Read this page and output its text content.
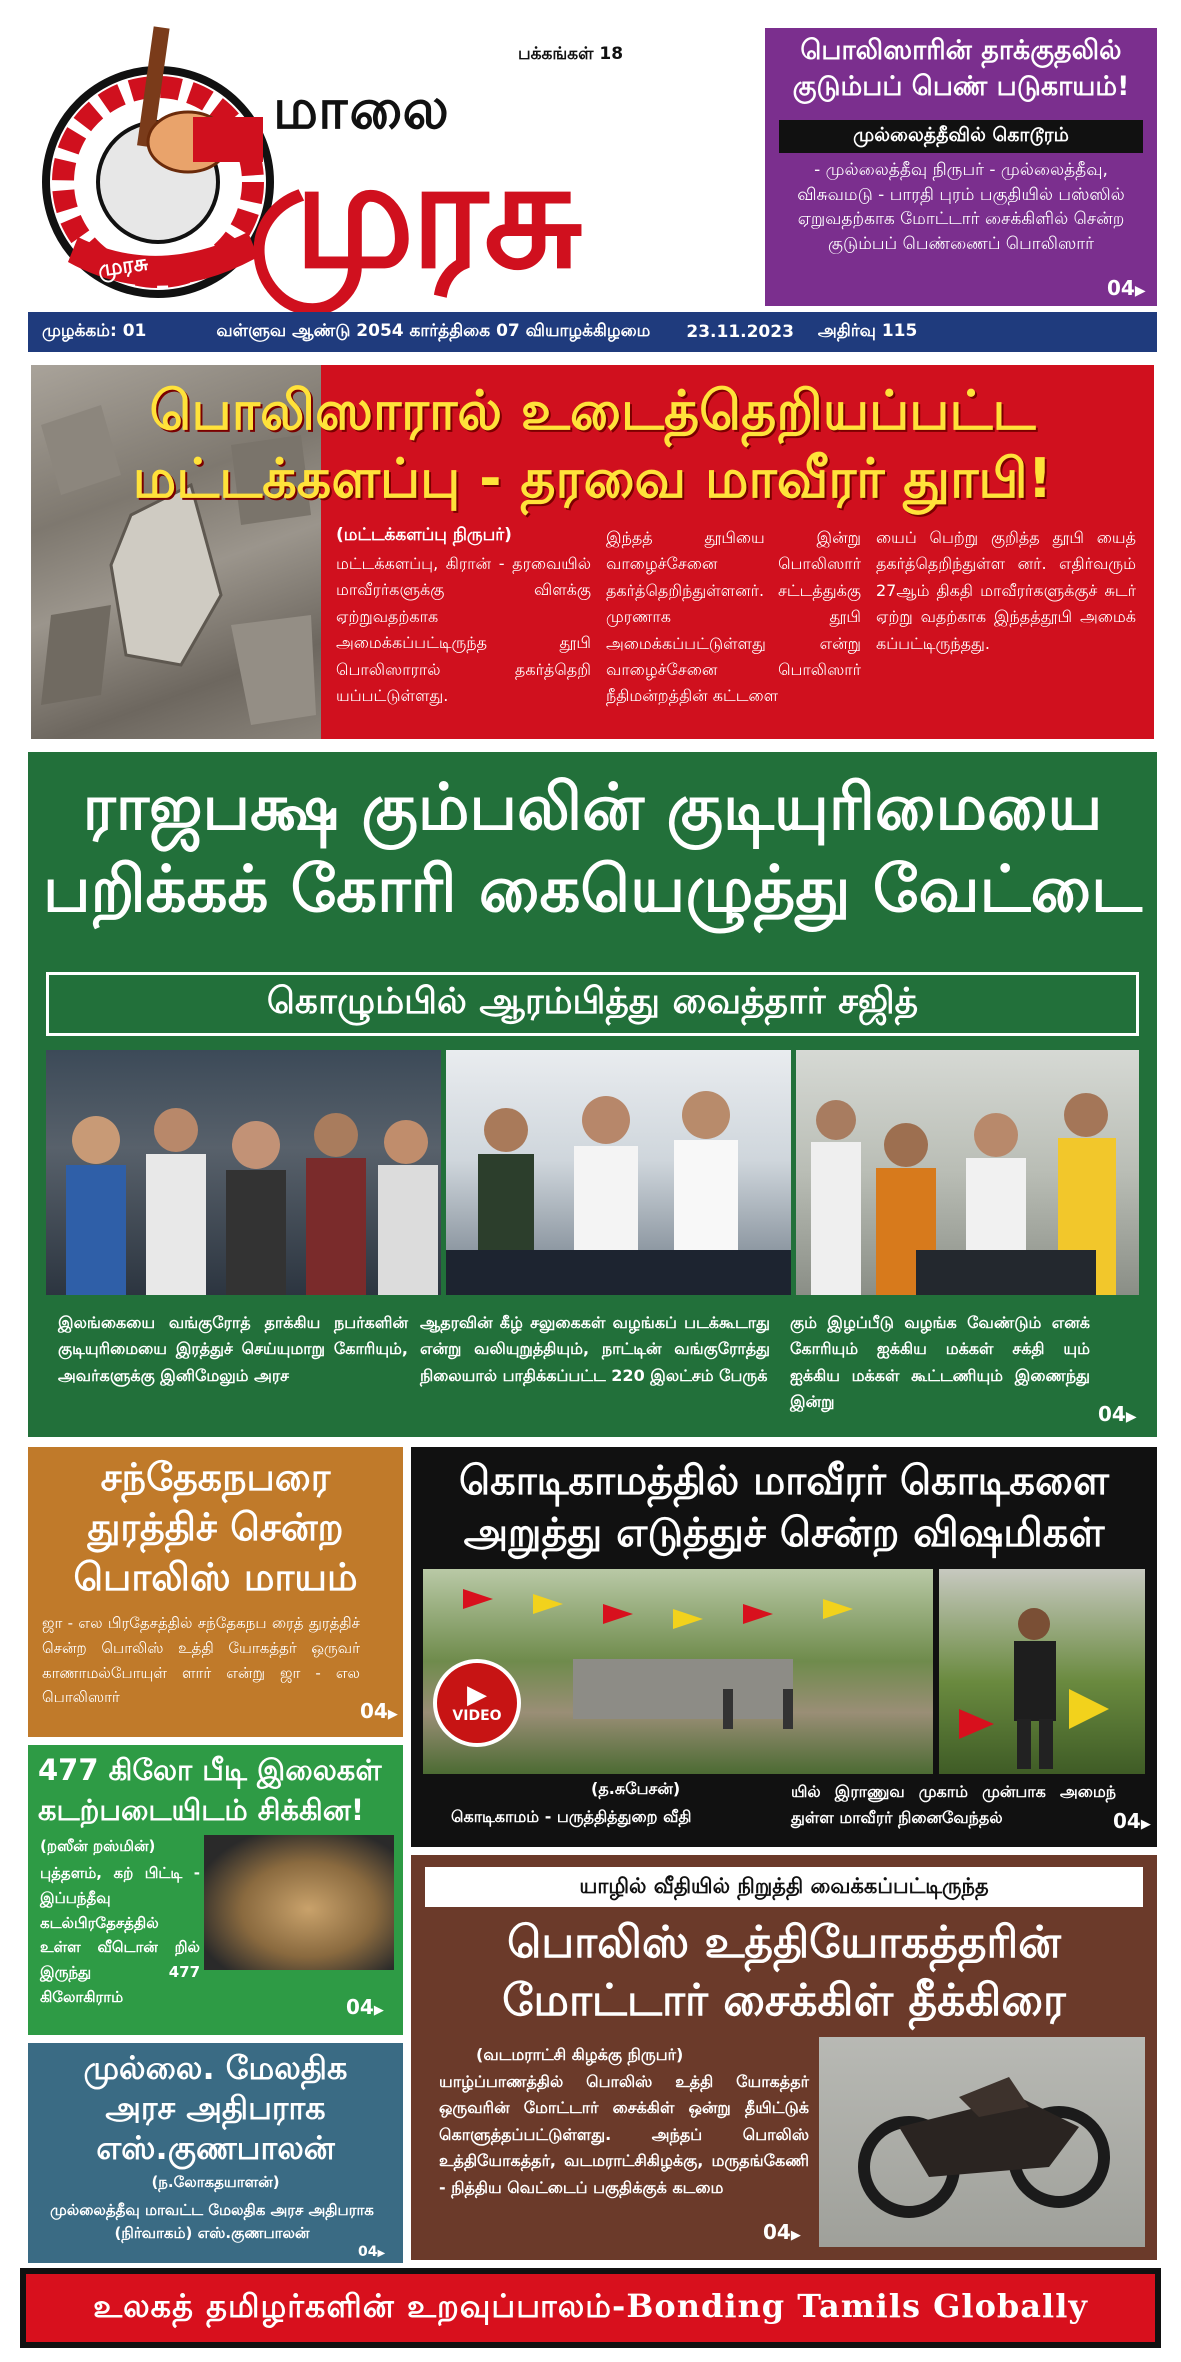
முரசு
பக்கங்கள் 18
மாலை
முரசு
பொலிஸாரின் தாக்குதலில்
குடும்பப் பெண் படுகாயம்!
முல்லைத்தீவில் கொடூரம்
- முல்லைத்தீவு நிருபர் - முல்லைத்தீவு, விசுவமடு - பாரதி புரம் பகுதியில் பஸ்ஸில் ஏறுவதற்காக மோட்டார் சைக்கிளில் சென்ற குடும்பப் பெண்ணைப் பொலிஸார்
04▶
முழக்கம்: 01	வள்ளுவ ஆண்டு 2054 கார்த்திகை 07 வியாழக்கிழமை 23.11.2023 அதிர்வு 115
பொலிஸாரால் உடைத்தெறியப்பட்ட
மட்டக்களப்பு - தரவை மாவீரர் துாபி!
(மட்டக்களப்பு நிருபர்)
மட்டக்களப்பு, கிரான் - தரவையில் மாவீரர்களுக்கு விளக்கு ஏற்றுவதற்காக அமைக்கப்பட்டிருந்த தூபி பொலிஸாரால் தகர்த்தெறி யப்பட்டுள்ளது.
இந்தத் தூபியை இன்று வாழைச்சேனை பொலிஸார் தகர்த்தெறிந்துள்ளனர். சட்டத்துக்கு முரணாக தூபி அமைக்கப்பட்டுள்ளது என்று வாழைச்சேனை பொலிஸார் நீதிமன்றத்தின் கட்டளை
யைப் பெற்று குறித்த தூபி யைத் தகர்த்தெறிந்துள்ள னர். எதிர்வரும் 27ஆம் திகதி மாவீரர்களுக்குச் சுடர் ஏற்று வதற்காக இந்தத்தூபி அமைக் கப்பட்டிருந்தது.
ராஜபக்ஷ கும்பலின் குடியுரிமையை
பறிக்கக் கோரி கையெழுத்து வேட்டை
கொழும்பில் ஆரம்பித்து வைத்தார் சஜித்
இலங்கையை வங்குரோத் தாக்கிய நபர்களின் குடியுரிமையை இரத்துச் செய்யுமாறு கோரியும், அவர்களுக்கு இனிமேலும் அரச
ஆதரவின் கீழ் சலுகைகள் வழங்கப் படக்கூடாது என்று வலியுறுத்தியும், நாட்டின் வங்குரோத்து நிலையால் பாதிக்கப்பட்ட 220 இலட்சம் பேருக்
கும் இழப்பீடு வழங்க வேண்டும் எனக் கோரியும் ஐக்கிய மக்கள் சக்தி யும் ஐக்கிய மக்கள் கூட்டணியும் இணைந்து இன்று
04▶
சந்தேகநபரை
துரத்திச் சென்ற
பொலிஸ் மாயம்
ஜா - எல பிரதேசத்தில் சந்தேகநப ரைத் துரத்திச் சென்ற பொலிஸ் உத்தி யோகத்தர் ஒருவர் காணாமல்போயுள் ளார் என்று ஜா - எல பொலிஸார்
04▶
கொடிகாமத்தில் மாவீரர் கொடிகளை
அறுத்து எடுத்துச் சென்ற விஷமிகள்
▶
VIDEO
(த.சுபேசன்)
கொடிகாமம் - பருத்தித்துறை வீதி
யில் இராணுவ முகாம் முன்பாக அமைந் துள்ள மாவீரர் நினைவேந்தல்	04▶
477 கிலோ பீடி இலைகள்
கடற்படையிடம் சிக்கின!
(றஸீன் றஸ்மின்)
புத்தளம், கற் பிட்டி - இப்பந்தீவு கடல்பிரதேசத்தில் உள்ள வீடொன் றில் இருந்து 477 கிலோகிராம்	04▶
யாழில் வீதியில் நிறுத்தி வைக்கப்பட்டிருந்த
பொலிஸ் உத்தியோகத்தரின்
மோட்டார் சைக்கிள் தீக்கிரை
(வடமராட்சி கிழக்கு நிருபர்)
யாழ்ப்பாணத்தில் பொலிஸ் உத்தி யோகத்தர் ஒருவரின் மோட்டார் சைக்கிள் ஒன்று தீயிட்டுக் கொளுத்தப்பட்டுள்ளது. அந்தப் பொலிஸ் உத்தியோகத்தர், வடமராட்சிகிழக்கு, மருதங்கேணி - நித்திய வெட்டைப் பகுதிக்குக் கடமை
04▶
முல்லை. மேலதிக
அரச அதிபராக
எஸ்.குணபாலன்
(ந.லோகதயாளன்)
முல்லைத்தீவு மாவட்ட மேலதிக அரச அதிபராக (நிர்வாகம்) எஸ்.குணபாலன்
04▶
உலகத் தமிழர்களின் உறவுப்பாலம்-Bonding Tamils Globally
